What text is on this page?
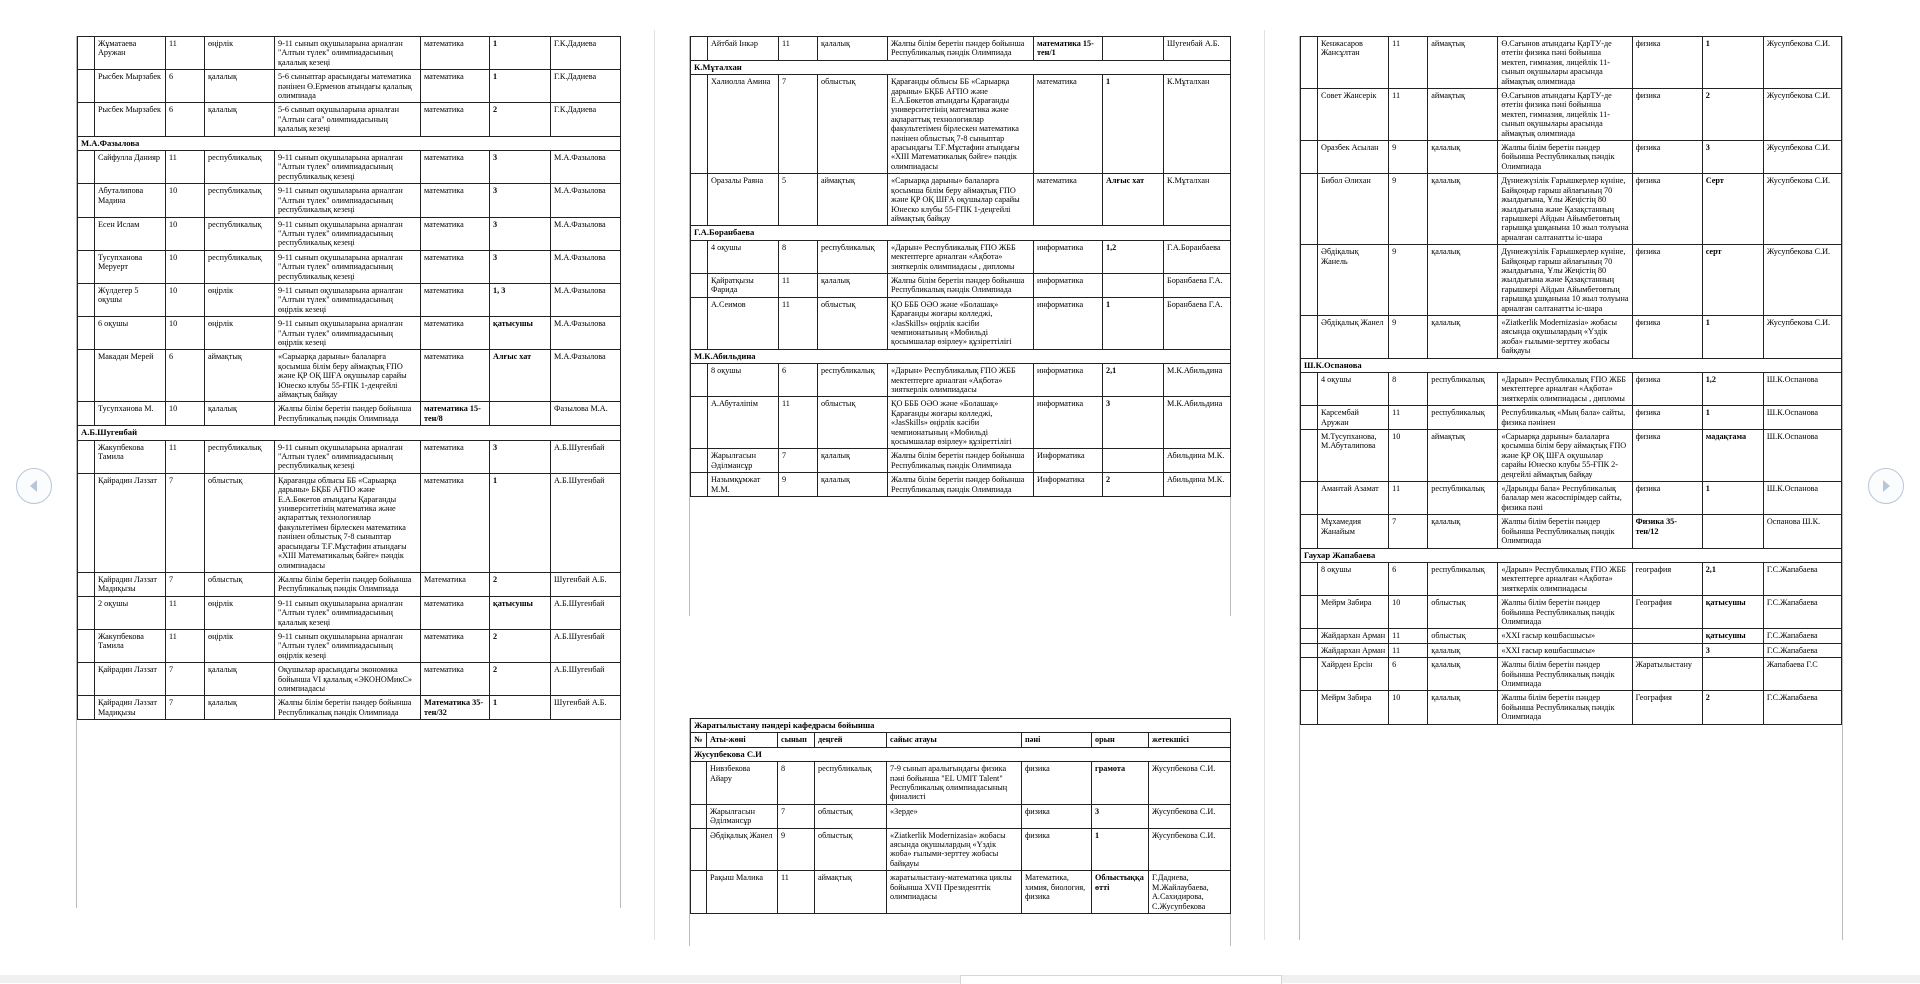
	Жұматаева Аружан	11	өңірлік	9-11 сынып оқушыларына арналған "Алтын түлек" олимпиадасының қалалық кезеңі	математика	1	Г.К.Дадиева
	Рысбек Мырзабек	6	қалалық	5-6 сыныптар арасындағы математика пәнінен Ө.Ерменов атындағы қалалық олимпиада	математика	1	Г.К.Дадиева
	Рысбек Мырзабек	6	қалалық	5-6 сынып оқушыларына арналған "Алтын саға" олимпиадасының қалалық кезеңі	математика	2	Г.К.Дадиева
М.А.Фазылова							
	Сайфулла Данияр	11	республикалық	9-11 сынып оқушыларына арналған "Алтын түлек" олимпиадасының республикалық кезеңі	математика	3	М.А.Фазылова
	Абуталипова Мадина	10	республикалық	9-11 сынып оқушыларына арналған "Алтын түлек" олимпиадасының республикалық кезеңі	математика	3	М.А.Фазылова
	Есен Ислам	10	республикалық	9-11 сынып оқушыларына арналған "Алтын түлек" олимпиадасының республикалық кезеңі	математика	3	М.А.Фазылова
	Тусупханова Меруерт	10	республикалық	9-11 сынып оқушыларына арналған "Алтын түлек" олимпиадасының республикалық кезеңі	математика	3	М.А.Фазылова
	Жүлдегер 5 оқушы	10	өңірлік	9-11 сынып оқушыларына арналған "Алтын түлек" олимпиадасының өңірлік кезеңі	математика	1, 3	М.А.Фазылова
	6 оқушы	10	өңірлік	9-11 сынып оқушыларына арналған "Алтын түлек" олимпиадасының өңірлік кезеңі	математика	қатысушы	М.А.Фазылова
	Макадан Мерей	6	аймақтық	«Сарыарқа дарыны» балаларға қосымша білім беру аймақтық ҒПО және ҚР ОҚ ШҒА оқушылар сарайы Юнеско клубы 55-ҒПК 1-деңгейлі аймақтық байқау	математика	Алғыс хат	М.А.Фазылова
	Тусупханова М.	10	қалалық	Жалпы білім беретін пәндер бойынша Республикалық пәндік Олимпиада	математика 15-тен/8		Фазылова М.А.
А.Б.Шугенбай							
	Жакупбекова Тамила	11	республикалық	9-11 сынып оқушыларына арналған "Алтын түлек" олимпиадасының республикалық кезеңі	математика	3	А.Б.Шугенбай
	Қайрадин Ләззат	7	облыстық	Қарағанды облысы ББ «Сарыарқа дарыны» БҚББ АҒПО және Е.А.Бөкетов атындағы Қарағанды университетінің математика және ақпараттық технологиялар факультетімен бірлескен математика пәнінен облыстық 7-8 сыныптар арасындағы Т.Ғ.Мұстафин атындағы «XIII Математикалық бәйге» пәндік олимпиадасы	математика	1	А.Б.Шугенбай
	Қайрадин Ләззат Мадиқызы	7	облыстық	Жалпы білім беретін пәндер бойынша Республикалық пәндік Олимпиада	Математика	2	Шугенбай А.Б.
	2 оқушы	11	өңірлік	9-11 сынып оқушыларына арналған "Алтын түлек" олимпиадасының қалалық кезеңі	математика	қатысушы	А.Б.Шугенбай
	Жакупбекова Тамила	11	өңірлік	9-11 сынып оқушыларына арналған "Алтын түлек" олимпиадасының өңірлік кезеңі	математика	2	А.Б.Шугенбай
	Қайрадин Ләззат	7	қалалық	Оқушылар арасындағы экономика бойынша VI қалалық «ЭКОНОМикС» олимпиадасы	математика	2	А.Б.Шугенбай
	Қайрадин Ләззат Мадиқызы	7	қалалық	Жалпы білім беретін пәндер бойынша Республикалық пәндік Олимпиада	Математика 35-тен/32	1	Шугенбай А.Б.
	Айтбай Інкәр	11	қалалық	Жалпы білім беретін пәндер бойынша Республикалық пәндік Олимпиада	математика 15-тен/1		Шугенбай А.Б.
К.Мұталхан							
	Халиолла Амина	7	облыстық	Қарағанды облысы ББ «Сарыарқа дарыны» БҚББ АҒПО және Е.А.Бөкетов атындағы Қарағанды университетінің математика және ақпараттық технологиялар факультетімен бірлескен математика пәнінен облыстық 7-8 сыныптар арасындағы Т.Ғ.Мұстафин атындағы «XIII Математикалық бәйге» пәндік олимпиадасы	математика	1	К.Мұталхан
	Оразалы Раяна	5	аймақтық	«Сарыарқа дарыны» балаларға қосымша білім беру аймақтық ҒПО және ҚР ОҚ ШҒА оқушылар сарайы Юнеско клубы 55-ҒПК 1-деңгейлі аймақтық байқау	математика	Алғыс хат	К.Мұталхан
Г.А.Боранбаева							
	4 оқушы	8	республикалық	«Дарын» Республикалық ҒПО ЖББ мектептерге арналған «Ақбота» зияткерлік олимпиадасы , дипломы	информатика	1,2	Г.А.Боранбаева
	Қайратқызы Фарида	11	қалалық	Жалпы білім беретін пәндер бойынша Республикалық пәндік Олимпиада	информатика		Боранбаева Г.А.
	А.Сеимов	11	облыстық	ҚО БББ ОӘО және «Болашақ» Қарағанды жоғары колледжі, «JasSkills» өңірлік кәсіби чемпионатының «Мобильді қосымшалар өзірлеу» құзіреттілігі	информатика	1	Боранбаева Г.А.
М.К.Абильдина							
	8 оқушы	6	республикалық	«Дарын» Республикалық ҒПО ЖББ мектептерге арналған «Ақбота» зияткерлік олимпиадасы	информатика	2,1	М.К.Абильдина
	А.Абуталіпім	11	облыстық	ҚО БББ ОӘО және «Болашақ» Қарағанды жоғары колледжі, «JasSkills» өңірлік кәсіби чемпионатының «Мобильді қосымшалар өзірлеу» құзіреттілігі	информатика	3	М.К.Абильдина
	Жарылғасын Әділмансұр	7	қалалық	Жалпы білім беретін пәндер бойынша Республикалық пәндік Олимпиада	Информатика		Абильдина М.К.
	Назымқұмжат М.М.	9	қалалық	Жалпы білім беретін пәндер бойынша Республикалық пәндік Олимпиада	Информатика	2	Абильдина М.К.
Жаратылыстану пәндері кафедрасы бойынша							
№	Аты-жөні	сынып	деңгей	сайыс атауы	пәні	орын	жетекшісі
Жусупбекова С.И							
	Нивзбекова Айару	8	республикалық	7-9 сынып аралығындағы физика пәні бойынша "EL UMIT Talent" Республикалық олимпиадасының финалисті	физика	грамота	Жусупбекова С.И.
	Жарылғасын Әділмансұр	7	облыстық	«Зерде»	физика	3	Жусупбекова С.И.
	Әбдіқалық Жанел	9	облыстық	«Ziatkerlik Modernizasia» жобасы аясында оқушылардың «Үздік жоба» ғылыми-зерттеу жобасы байқауы	физика	1	Жусупбекова С.И.
	Рақыш Малика	11	аймақтық	жаратылыстану-математика циклы бойынша XVII Президенттік олимпиадасы	Математика, химия, биология, физика	Облыстыққа өтті	Г.Дадиева, М.Жайлаубаева, А.Сахидирова, С.Жусупбекова
	Кенжасаров Жансұлтан	11	аймақтық	Ө.Сағынов атындағы ҚарТУ-де өтетін физика пәні бойынша мектеп, гимназия, лицейлік 11-сынып оқушылары арасында аймақтық олимпиада	физика	1	Жусупбекова С.И.
	Совет Жансерік	11	аймақтық	Ө.Сағынов атындағы ҚарТУ-де өтетін физика пәні бойынша мектеп, гимназия, лицейлік 11-сынып оқушылары арасында аймақтық олимпиада	физика	2	Жусупбекова С.И.
	Оразбек Асылан	9	қалалық	Жалпы білім беретін пәндер бойынша Республикалық пәндік Олимпиада	физика	3	Жусупбекова С.И.
	Бибол Әлихан	9	қалалық	Дүниежүзілік Ғарышкерлер күніне, Байқоңыр ғарыш айлағының 70 жылдығына, Ұлы Жеңістің 80 жылдығына және Қазақстанның ғарышкері Айдын Айымбетовтың ғарышқа ұшқанына 10 жыл толуына арналған салтанатты іс-шара	физика	Серт	Жусупбекова С.И.
	Әбдіқалық Жанель	9	қалалық	Дүниежүзілік Ғарышкерлер күніне, Байқоңыр ғарыш айлағының 70 жылдығына, Ұлы Жеңістің 80 жылдығына және Қазақстанның ғарышкері Айдын Айымбетовтың ғарышқа ұшқанына 10 жыл толуына арналған салтанатты іс-шара	физика	серт	Жусупбекова С.И.
	Әбдіқалық Жанел	9	қалалық	«Ziatkerlik Modernizasia» жобасы аясында оқушылардың «Үздік жоба» ғылыми-зерттеу жобасы байқауы	физика	1	Жусупбекова С.И.
Ш.К.Оспанова							
	4 оқушы	8	республикалық	«Дарын» Республикалық ҒПО ЖББ мектептерге арналған «Ақбота» зияткерлік олимпиадасы , дипломы	физика	1,2	Ш.К.Оспанова
	Карсембай Аружан	11	республикалық	Республикалық «Мың бала» сайты, физика пәнінен	физика	1	Ш.К.Оспанова
	М.Тусупханова, М.Абуталипова	10	аймақтық	«Сарыарқа дарыны» балаларға қосымша білім беру аймақтық ҒПО және ҚР ОҚ ШҒА оқушылар сарайы Юнеско клубы 55-ҒПК 2-деңгейлі аймақтық байқау	физика	мадақтама	Ш.К.Оспанова
	Амантай Азамат	11	республикалық	«Дарынды бала» Республикалық балалар мен жасөспірімдер сайты, физика пәні	физика	1	Ш.К.Оспанова
	Мұхамедия Жанайым	7	қалалық	Жалпы білім беретін пәндер бойынша Республикалық пәндік Олимпиада	Физика 35-тен/12		Оспанова Ш.К.
Гаухар Жапабаева							
	8 оқушы	6	республикалық	«Дарын» Республикалық ҒПО ЖББ мектептерге арналған «Ақбота» зияткерлік олимпиадасы	география	2,1	Г.С.Жапабаева
	Мейрм Забира	10	облыстық	Жалпы білім беретін пәндер бойынша Республикалық пәндік Олимпиада	География	қатысушы	Г.С.Жапабаева
	Жайдархан Арман	11	облыстық	«XXI ғасыр көшбасшысы»		қатысушы	Г.С.Жапабаева
	Жайдархан Арман	11	қалалық	«XXI ғасыр көшбасшысы»		3	Г.С.Жапабаева
	Хайрден Ерсін	6	қалалық	Жалпы білім беретін пәндер бойынша Республикалық пәндік Олимпиада	Жаратылыстану		Жапабаева Г.С
	Мейрм Забира	10	қалалық	Жалпы білім беретін пәндер бойынша Республикалық пәндік Олимпиада	География	2	Г.С.Жапабаева
